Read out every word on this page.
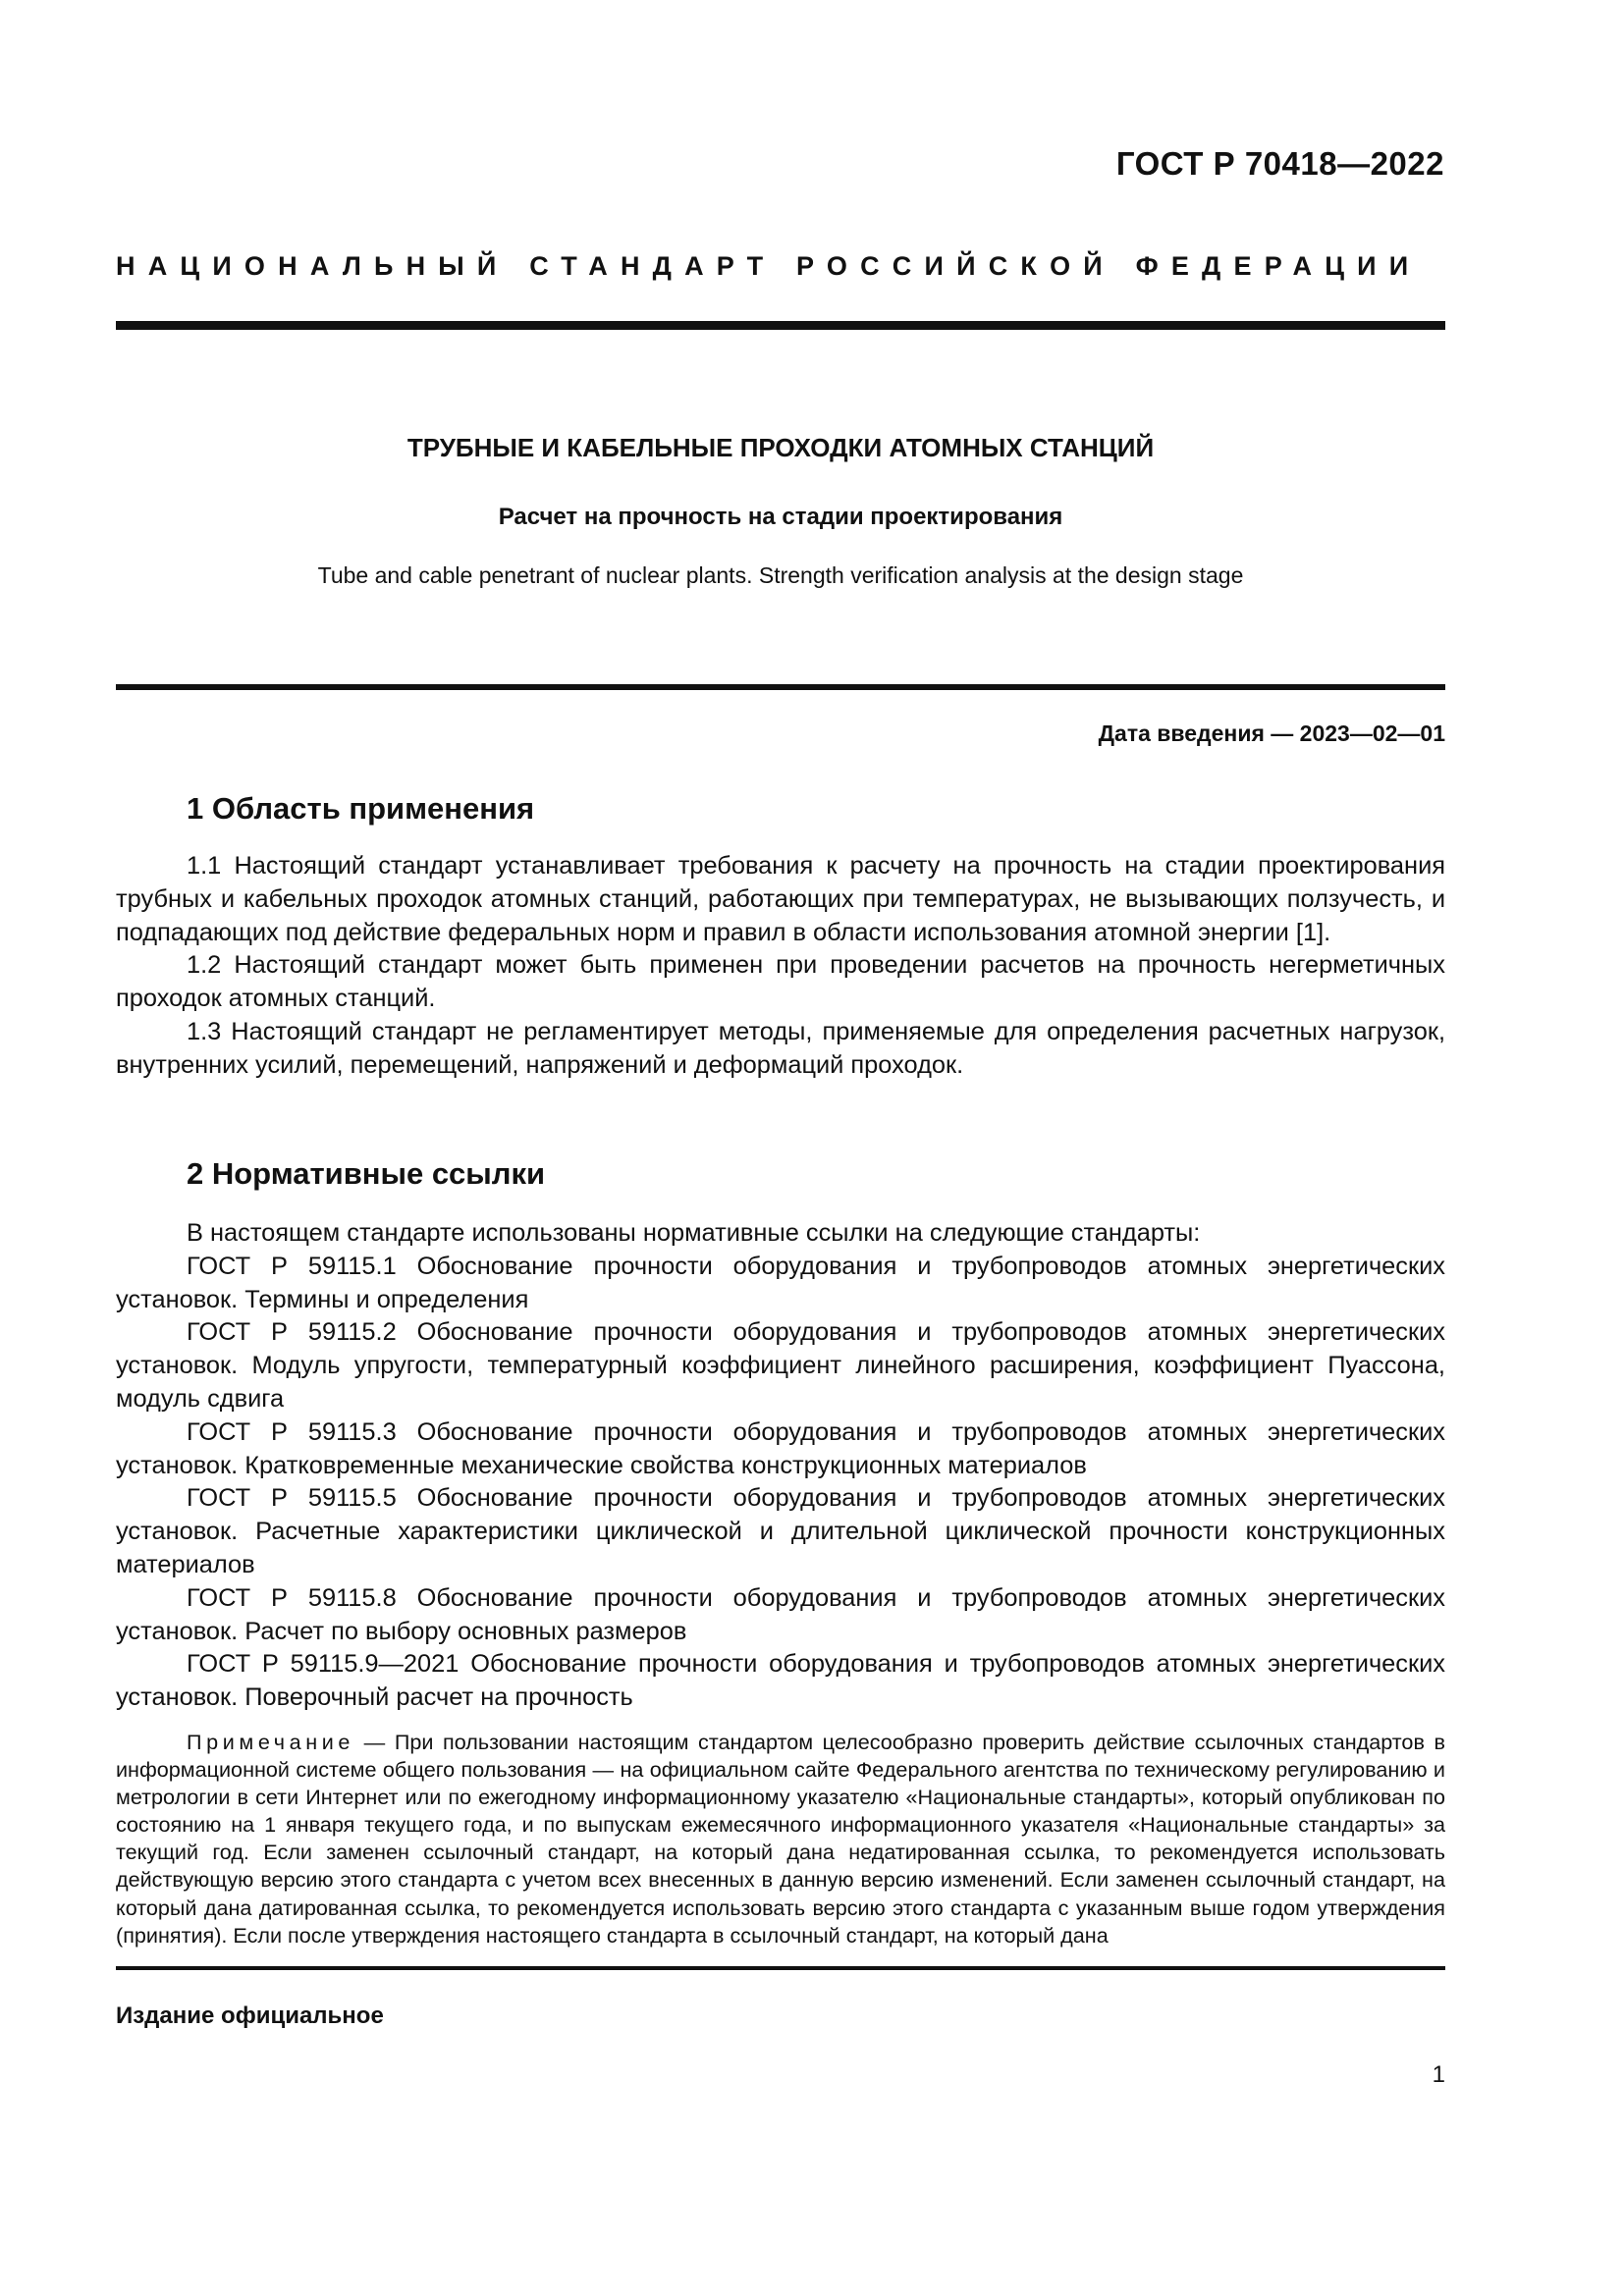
ГОСТ Р 70418—2022
НАЦИОНАЛЬНЫЙ СТАНДАРТ РОССИЙСКОЙ ФЕДЕРАЦИИ
ТРУБНЫЕ И КАБЕЛЬНЫЕ ПРОХОДКИ АТОМНЫХ СТАНЦИЙ
Расчет на прочность на стадии проектирования
Tube and cable penetrant of nuclear plants. Strength verification analysis at the design stage
Дата введения — 2023—02—01
1 Область применения

1.1 Настоящий стандарт устанавливает требования к расчету на прочность на стадии проектирования трубных и кабельных проходок атомных станций, работающих при температурах, не вызывающих ползучесть, и подпадающих под действие федеральных норм и правил в области использования атомной энергии [1].

1.2 Настоящий стандарт может быть применен при проведении расчетов на прочность негерметичных проходок атомных станций.

1.3 Настоящий стандарт не регламентирует методы, применяемые для определения расчетных нагрузок, внутренних усилий, перемещений, напряжений и деформаций проходок.

2 Нормативные ссылки

В настоящем стандарте использованы нормативные ссылки на следующие стандарты:

ГОСТ Р 59115.1 Обоснование прочности оборудования и трубопроводов атомных энергетических установок. Термины и определения

ГОСТ Р 59115.2 Обоснование прочности оборудования и трубопроводов атомных энергетических установок. Модуль упругости, температурный коэффициент линейного расширения, коэффициент Пуассона, модуль сдвига

ГОСТ Р 59115.3 Обоснование прочности оборудования и трубопроводов атомных энергетических установок. Кратковременные механические свойства конструкционных материалов

ГОСТ Р 59115.5 Обоснование прочности оборудования и трубопроводов атомных энергетических установок. Расчетные характеристики циклической и длительной циклической прочности конструкционных материалов

ГОСТ Р 59115.8 Обоснование прочности оборудования и трубопроводов атомных энергетических установок. Расчет по выбору основных размеров

ГОСТ Р 59115.9—2021 Обоснование прочности оборудования и трубопроводов атомных энергетических установок. Поверочный расчет на прочность

Примечание — При пользовании настоящим стандартом целесообразно проверить действие ссылочных стандартов в информационной системе общего пользования — на официальном сайте Федерального агентства по техническому регулированию и метрологии в сети Интернет или по ежегодному информационному указателю «Национальные стандарты», который опубликован по состоянию на 1 января текущего года, и по выпускам ежемесячного информационного указателя «Национальные стандарты» за текущий год. Если заменен ссылочный стандарт, на который дана недатированная ссылка, то рекомендуется использовать действующую версию этого стандарта с учетом всех внесенных в данную версию изменений. Если заменен ссылочный стандарт, на который дана датированная ссылка, то рекомендуется использовать версию этого стандарта с указанным выше годом утверждения (принятия). Если после утверждения настоящего стандарта в ссылочный стандарт, на который дана

Издание официальное
1
